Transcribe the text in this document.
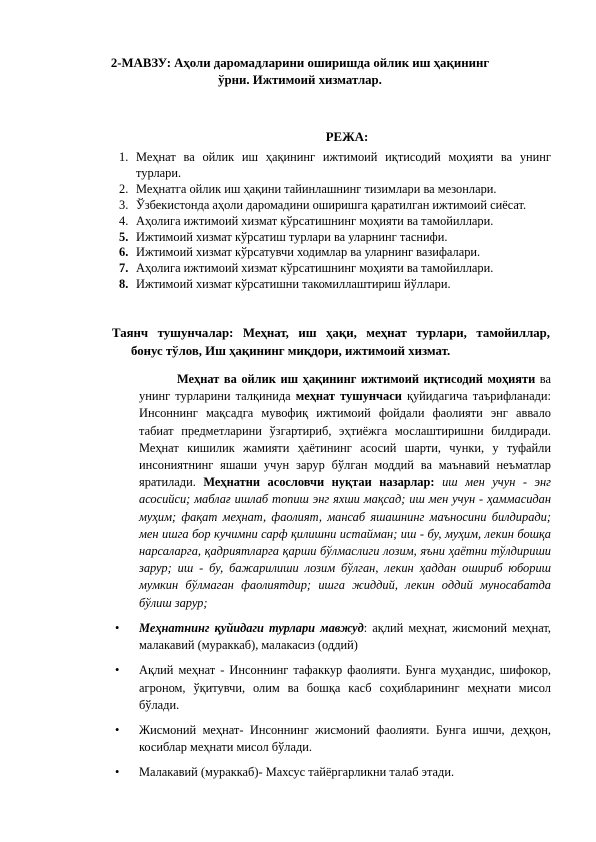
2-МАВЗУ: Аҳоли даромадларини оширишда ойлик иш ҳақининг
ўрни. Ижтимоий хизматлар.
РЕЖА:
1. Меҳнат ва ойлик иш ҳақининг ижтимоий иқтисодий моҳияти ва унинг турлари.
2. Меҳнатга ойлик иш ҳақини тайинлашнинг тизимлари ва мезонлари.
3. Ўзбекистонда аҳоли даромадини оширишга қаратилган ижтимоий сиёсат.
4. Аҳолига ижтимоий хизмат кўрсатишнинг моҳияти ва тамойиллари.
5. Ижтимоий хизмат кўрсатиш турлари ва уларнинг таснифи.
6. Ижтимоий хизмат кўрсатувчи ходимлар ва уларнинг вазифалари.
7. Аҳолига ижтимоий хизмат кўрсатишнинг моҳияти ва тамойиллари.
8. Ижтимоий хизмат кўрсатишни такомиллаштириш йўллари.
Таянч тушунчалар: Меҳнат, иш ҳақи, меҳнат турлари, тамойиллар,
бонус тўлов, Иш ҳақининг миқдори, ижтимоий хизмат.
Меҳнат ва ойлик иш ҳақининг ижтимоий иқтисодий моҳияти ва унинг турларини талқинида меҳнат тушунчаси қуйидагича таърифланади: Инсоннинг мақсадга мувофиқ ижтимоий фойдали фаолияти энг аввало табиат предметларини ўзгартириб, эҳтиёжга мослаштиришни билдиради. Меҳнат кишилик жамияти ҳаётининг асосий шарти, чунки, у туфайли инсониятнинг яшаши учун зарур бўлган моддий ва маънавий неъматлар яратилади. Меҳнатни асословчи нуқтаи назарлар: иш мен учун - энг асосийси; маблағ ишлаб топиш энг яхши мақсад; иш мен учун - ҳаммасидан муҳим; фақат меҳнат, фаолият, мансаб яшашнинг маъносини билдиради; мен ишга бор кучимни сарф қилишни истайман; иш - бу, муҳим, лекин бошқа нарсаларга, қадриятларга қарши бўлмаслиги лозим, яъни ҳаётни тўлдириши зарур; иш - бу, бажарилиши лозим бўлган, лекин ҳаддан ошириб юбориш мумкин бўлмаган фаолиятдир; ишга жиддий, лекин оддий муносабатда бўлиш зарур;
• Меҳнатнинг қуйидаги турлари мавжуд: ақлий меҳнат, жисмоний меҳнат, малакавий (мураккаб), малакасиз (оддий)
• Ақлий меҳнат - Инсоннинг тафаккур фаолияти. Бунга муҳандис, шифокор, агроном, ўқитувчи, олим ва бошқа касб соҳибларининг меҳнати мисол бўлади.
• Жисмоний меҳнат- Инсоннинг жисмоний фаолияти. Бунга ишчи, деҳқон, косиблар меҳнати мисол бўлади.
• Малакавий (мураккаб)- Махсус тайёргарликни талаб этади.
